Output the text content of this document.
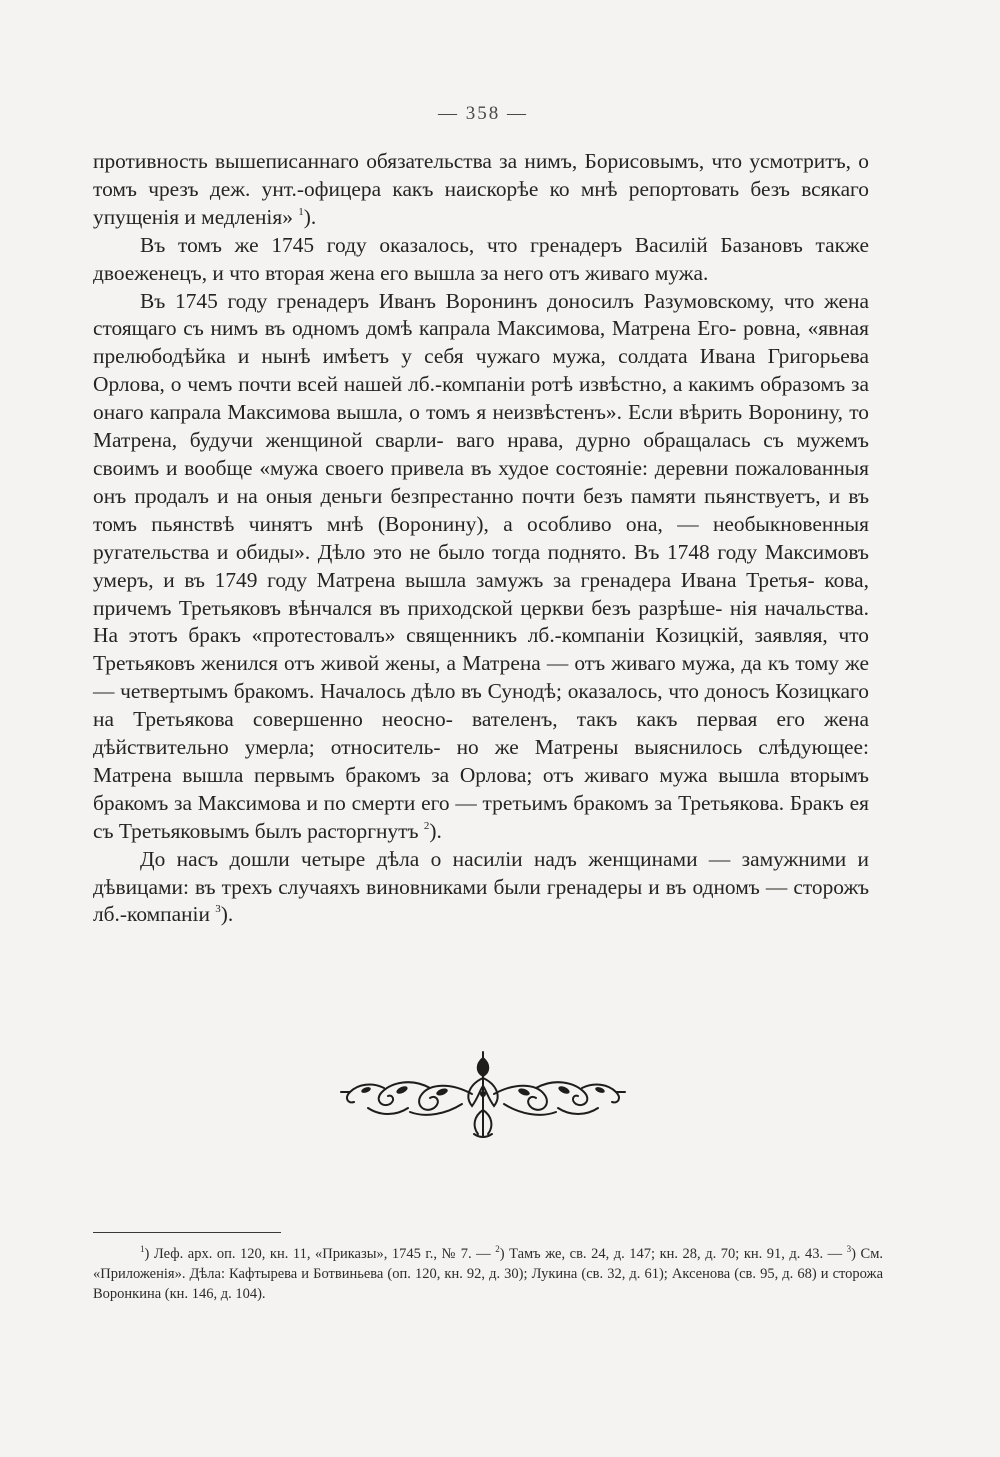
— 358 —

противность вышеписаннаго обязательства за нимъ, Борисовымъ, что усмотритъ, о томъ чрезъ деж. унт.-офицера какъ наискорѣе ко мнѣ репортовать безъ всякаго упущенія и медленія» $^1$).

Въ томъ же 1745 году оказалось, что гренадеръ Василій Базановъ также двоеженецъ, и что вторая жена его вышла за него отъ живаго мужа.

Въ 1745 году гренадеръ Иванъ Воронинъ доносилъ Разумовскому, что жена стоящаго съ нимъ въ одномъ домѣ капрала Максимова, Матрена Его- ровна, «явная прелюбодѣйка и нынѣ имѣетъ у себя чужаго мужа, солдата Ивана Григорьева Орлова, о чемъ почти всей нашей лб.-компаніи ротѣ извѣстно, а какимъ образомъ за онаго капрала Максимова вышла, о томъ я неизвѣстенъ». Если вѣрить Воронину, то Матрена, будучи женщиной сварли- ваго нрава, дурно обращалась съ мужемъ своимъ и вообще «мужа своего привела въ худое состояніе: деревни пожалованныя онъ продалъ и на оныя деньги безпрестанно почти безъ памяти пьянствуетъ, и въ томъ пьянствѣ чинятъ мнѣ (Воронину), а особливо она, — необыкновенныя ругательства и обиды». Дѣло это не было тогда поднято. Въ 1748 году Максимовъ умеръ, и въ 1749 году Матрена вышла замужъ за гренадера Ивана Третья- кова, причемъ Третьяковъ вѣнчался въ приходской церкви безъ разрѣше- нія начальства. На этотъ бракъ «протестовалъ» священникъ лб.-компаніи Козицкій, заявляя, что Третьяковъ женился отъ живой жены, а Матрена — отъ живаго мужа, да къ тому же — четвертымъ бракомъ. Началось дѣло въ Сунодѣ; оказалось, что доносъ Козицкаго на Третьякова совершенно неосно- вателенъ, такъ какъ первая его жена дѣйствительно умерла; относитель- но же Матрены выяснилось слѣдующее: Матрена вышла первымъ бракомъ за Орлова; отъ живаго мужа вышла вторымъ бракомъ за Максимова и по смерти его — третьимъ бракомъ за Третьякова. Бракъ ея съ Третьяковымъ былъ расторгнутъ $^2$).

До насъ дошли четыре дѣла о насиліи надъ женщинами — замужними и дѣвицами: въ трехъ случаяхъ виновниками были гренадеры и въ одномъ — сторожъ лб.-компаніи $^3$).

$^1$) Леф. арх. оп. 120, кн. 11, «Приказы», 1745 г., № 7. — $^2$) Тамъ же, св. 24, д. 147; кн. 28, д. 70; кн. 91, д. 43. — $^3$) См. «Приложенія». Дѣла: Кафтырева и Ботвиньева (оп. 120, кн. 92, д. 30); Лукина (св. 32, д. 61); Аксенова (св. 95, д. 68) и сторожа Воронкина (кн. 146, д. 104).
